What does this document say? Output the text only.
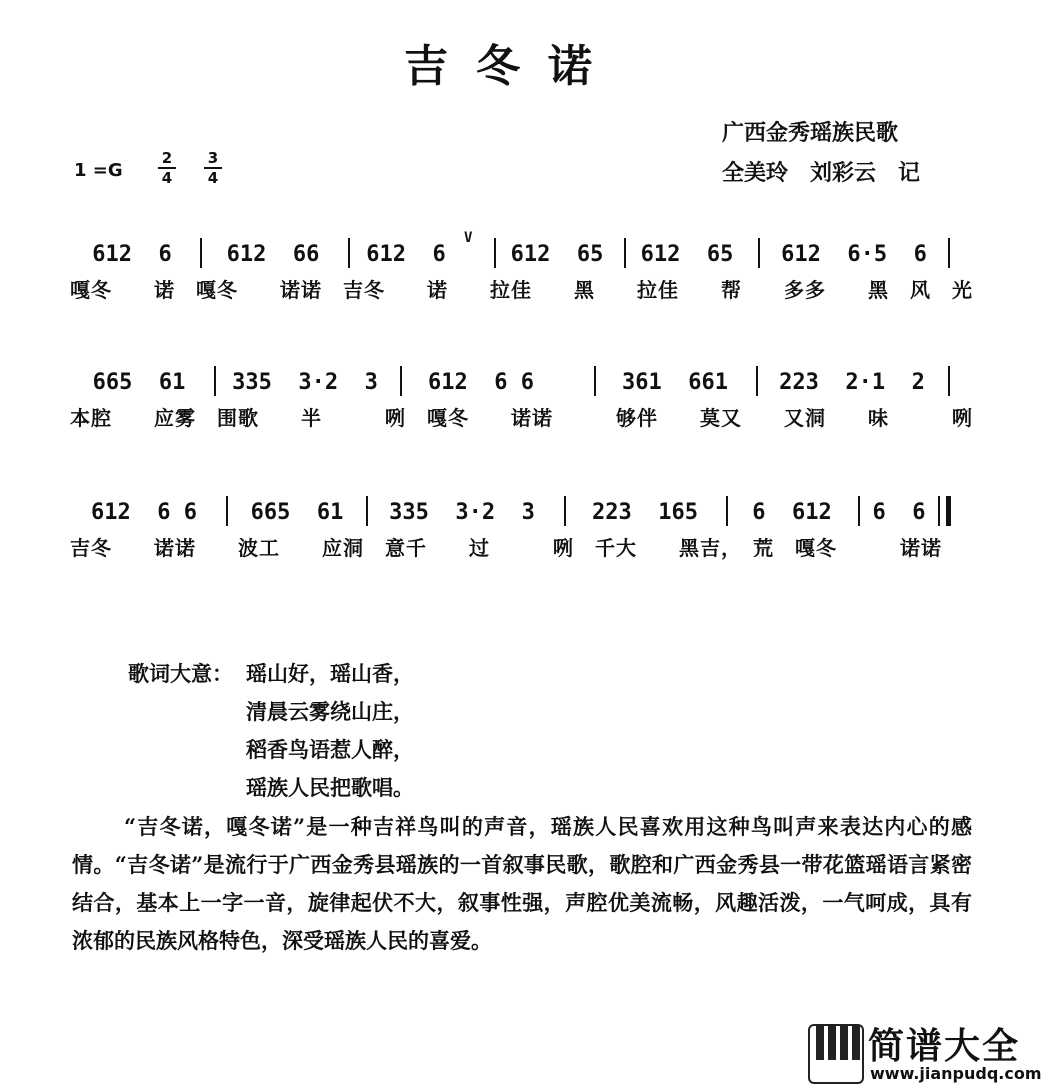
吉冬诺
广西金秀瑶族民歌
全美玲　刘彩云　记
1 =G
2
4
3
4
612  6	612  66	612  6
V
612  65	612  65	612  6·5  6
嘎冬　　诺　嘎冬　　诺诺　吉冬　　诺　　拉佳　　黑　　拉佳　　帮　　多多　　黑　风　光
665  61	335  3·2  3	612  6 6	361  661	223  2·1  2
本腔　　应雾　围歌　　半　　　咧　嘎冬　　诺诺　　　够伴　　莫又　　又洞　　味　　　咧
612  6 6	665  61	335  3·2  3	223  165	6  612	6  6
吉冬　　诺诺　　波工　　应洞　意千　　过　　　咧　千大　　黑吉，　荒　嘎冬　　　诺诺
歌词大意： 瑶山好，瑶山香，
清晨云雾绕山庄，
稻香鸟语惹人醉，
瑶族人民把歌唱。
“吉冬诺，嘎冬诺”是一种吉祥鸟叫的声音，瑶族人民喜欢用这种鸟叫声来表达内心的感情。“吉冬诺”是流行于广西金秀县瑶族的一首叙事民歌，歌腔和广西金秀县一带花篮瑶语言紧密结合，基本上一字一音，旋律起伏不大，叙事性强，声腔优美流畅，风趣活泼，一气呵成，具有浓郁的民族风格特色，深受瑶族人民的喜爱。
简谱大全
www.jianpudq.com
